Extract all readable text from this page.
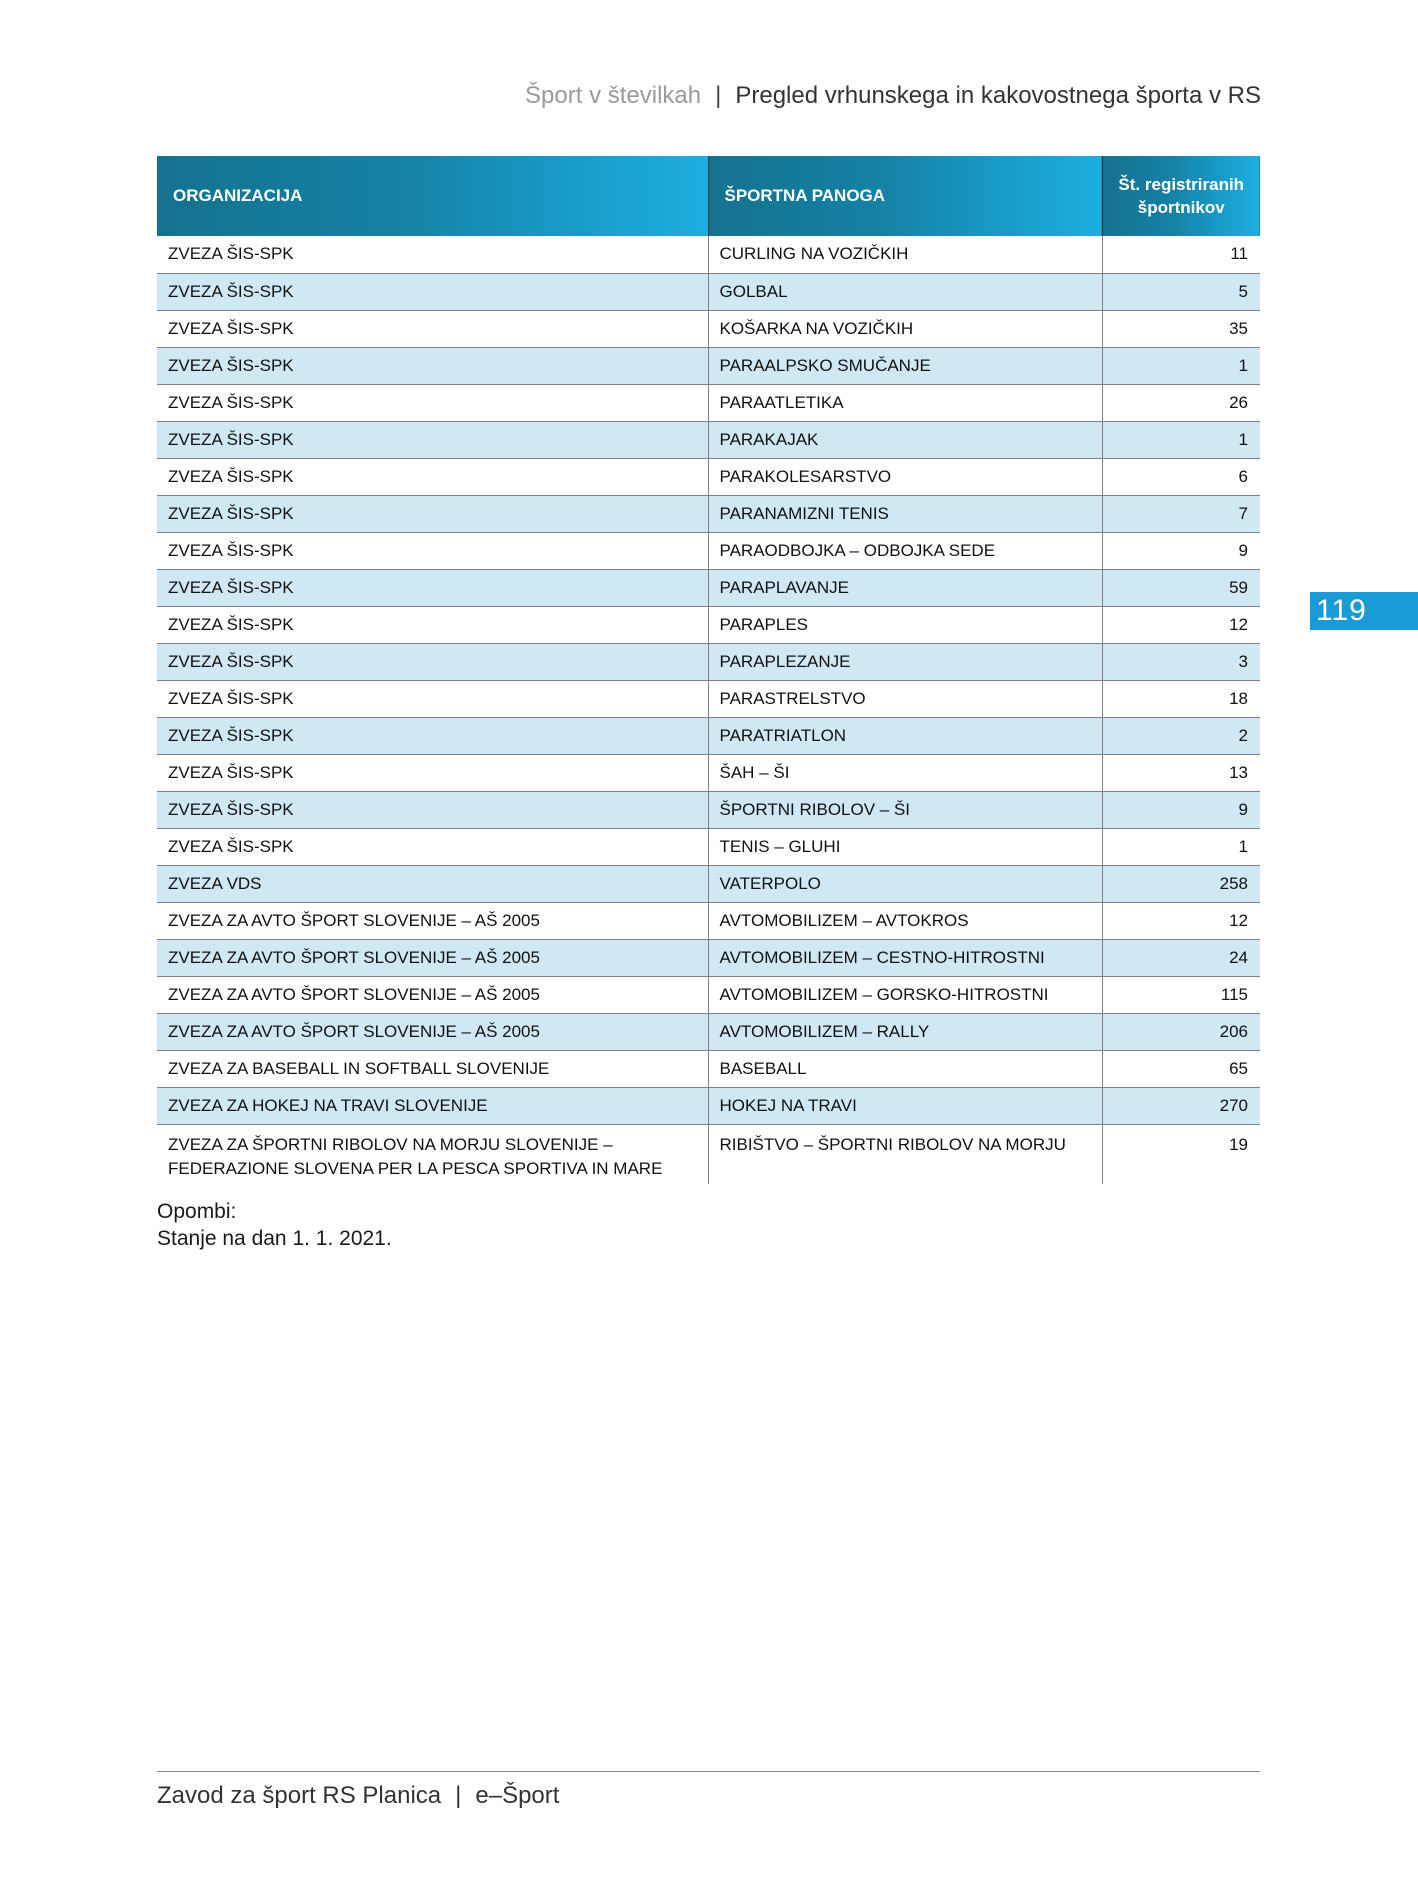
Šport v številkah | Pregled vrhunskega in kakovostnega športa v RS
119
ORGANIZACIJA	ŠPORTNA PANOGA	Št. registriranih športnikov
ZVEZA ŠIS-SPK	CURLING NA VOZIČKIH	11
ZVEZA ŠIS-SPK	GOLBAL	5
ZVEZA ŠIS-SPK	KOŠARKA NA VOZIČKIH	35
ZVEZA ŠIS-SPK	PARAALPSKO SMUČANJE	1
ZVEZA ŠIS-SPK	PARAATLETIKA	26
ZVEZA ŠIS-SPK	PARAKAJAK	1
ZVEZA ŠIS-SPK	PARAKOLESARSTVO	6
ZVEZA ŠIS-SPK	PARANAMIZNI TENIS	7
ZVEZA ŠIS-SPK	PARAODBOJKA – ODBOJKA SEDE	9
ZVEZA ŠIS-SPK	PARAPLAVANJE	59
ZVEZA ŠIS-SPK	PARAPLES	12
ZVEZA ŠIS-SPK	PARAPLEZANJE	3
ZVEZA ŠIS-SPK	PARASTRELSTVO	18
ZVEZA ŠIS-SPK	PARATRIATLON	2
ZVEZA ŠIS-SPK	ŠAH – ŠI	13
ZVEZA ŠIS-SPK	ŠPORTNI RIBOLOV – ŠI	9
ZVEZA ŠIS-SPK	TENIS – GLUHI	1
ZVEZA VDS	VATERPOLO	258
ZVEZA ZA AVTO ŠPORT SLOVENIJE – AŠ 2005	AVTOMOBILIZEM – AVTOKROS	12
ZVEZA ZA AVTO ŠPORT SLOVENIJE – AŠ 2005	AVTOMOBILIZEM – CESTNO-HITROSTNI	24
ZVEZA ZA AVTO ŠPORT SLOVENIJE – AŠ 2005	AVTOMOBILIZEM – GORSKO-HITROSTNI	115
ZVEZA ZA AVTO ŠPORT SLOVENIJE – AŠ 2005	AVTOMOBILIZEM – RALLY	206
ZVEZA ZA BASEBALL IN SOFTBALL SLOVENIJE	BASEBALL	65
ZVEZA ZA HOKEJ NA TRAVI SLOVENIJE	HOKEJ NA TRAVI	270
ZVEZA ZA ŠPORTNI RIBOLOV NA MORJU SLOVENIJE – FEDERAZIONE SLOVENA PER LA PESCA SPORTIVA IN MARE	RIBIŠTVO – ŠPORTNI RIBOLOV NA MORJU	19
Opombi:
Stanje na dan 1. 1. 2021.
Zavod za šport RS Planica | e–Šport
